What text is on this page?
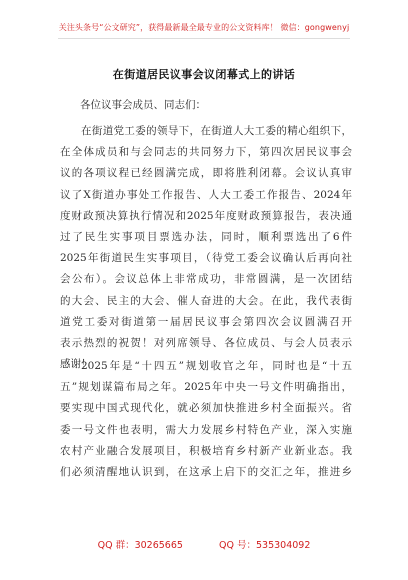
关注头条号“公文研究”，获得最新最全最专业的公文资料库！ 微信：gongwenyj
在街道居民议事会议闭幕式上的讲话
各位议事会成员、同志们：
在街道党工委的领导下，在街道人大工委的精心组织下，
在全体成员和与会同志的共同努力下，第四次居民议事会
议的各项议程已经圆满完成，即将胜利闭幕。会议认真审
议了X街道办事处工作报告、人大工委工作报告、2024年
度财政预决算执行情况和2025年度财政预算报告，表决通
过了民生实事项目票选办法，同时，顺利票选出了6件
2025年街道民生实事项目，（待党工委会议确认后再向社
会公布）。会议总体上非常成功，非常圆满，是一次团结
的大会、民主的大会、催人奋进的大会。在此，我代表街
道党工委对街道第一届居民议事会第四次会议圆满召开
表示热烈的祝贺！对列席领导、各位成员、与会人员表示
感谢！
2025年是“十四五”规划收官之年，同时也是“十五
五”规划谋篇布局之年。2025年中央一号文件明确指出，
要实现中国式现代化，就必须加快推进乡村全面振兴。省
委一号文件也表明，需大力发展乡村特色产业，深入实施
农村产业融合发展项目，积极培育乡村新产业新业态。我
们必须清醒地认识到，在这承上启下的交汇之年，推进乡
QQ 群：30265665	QQ 号：535304092
